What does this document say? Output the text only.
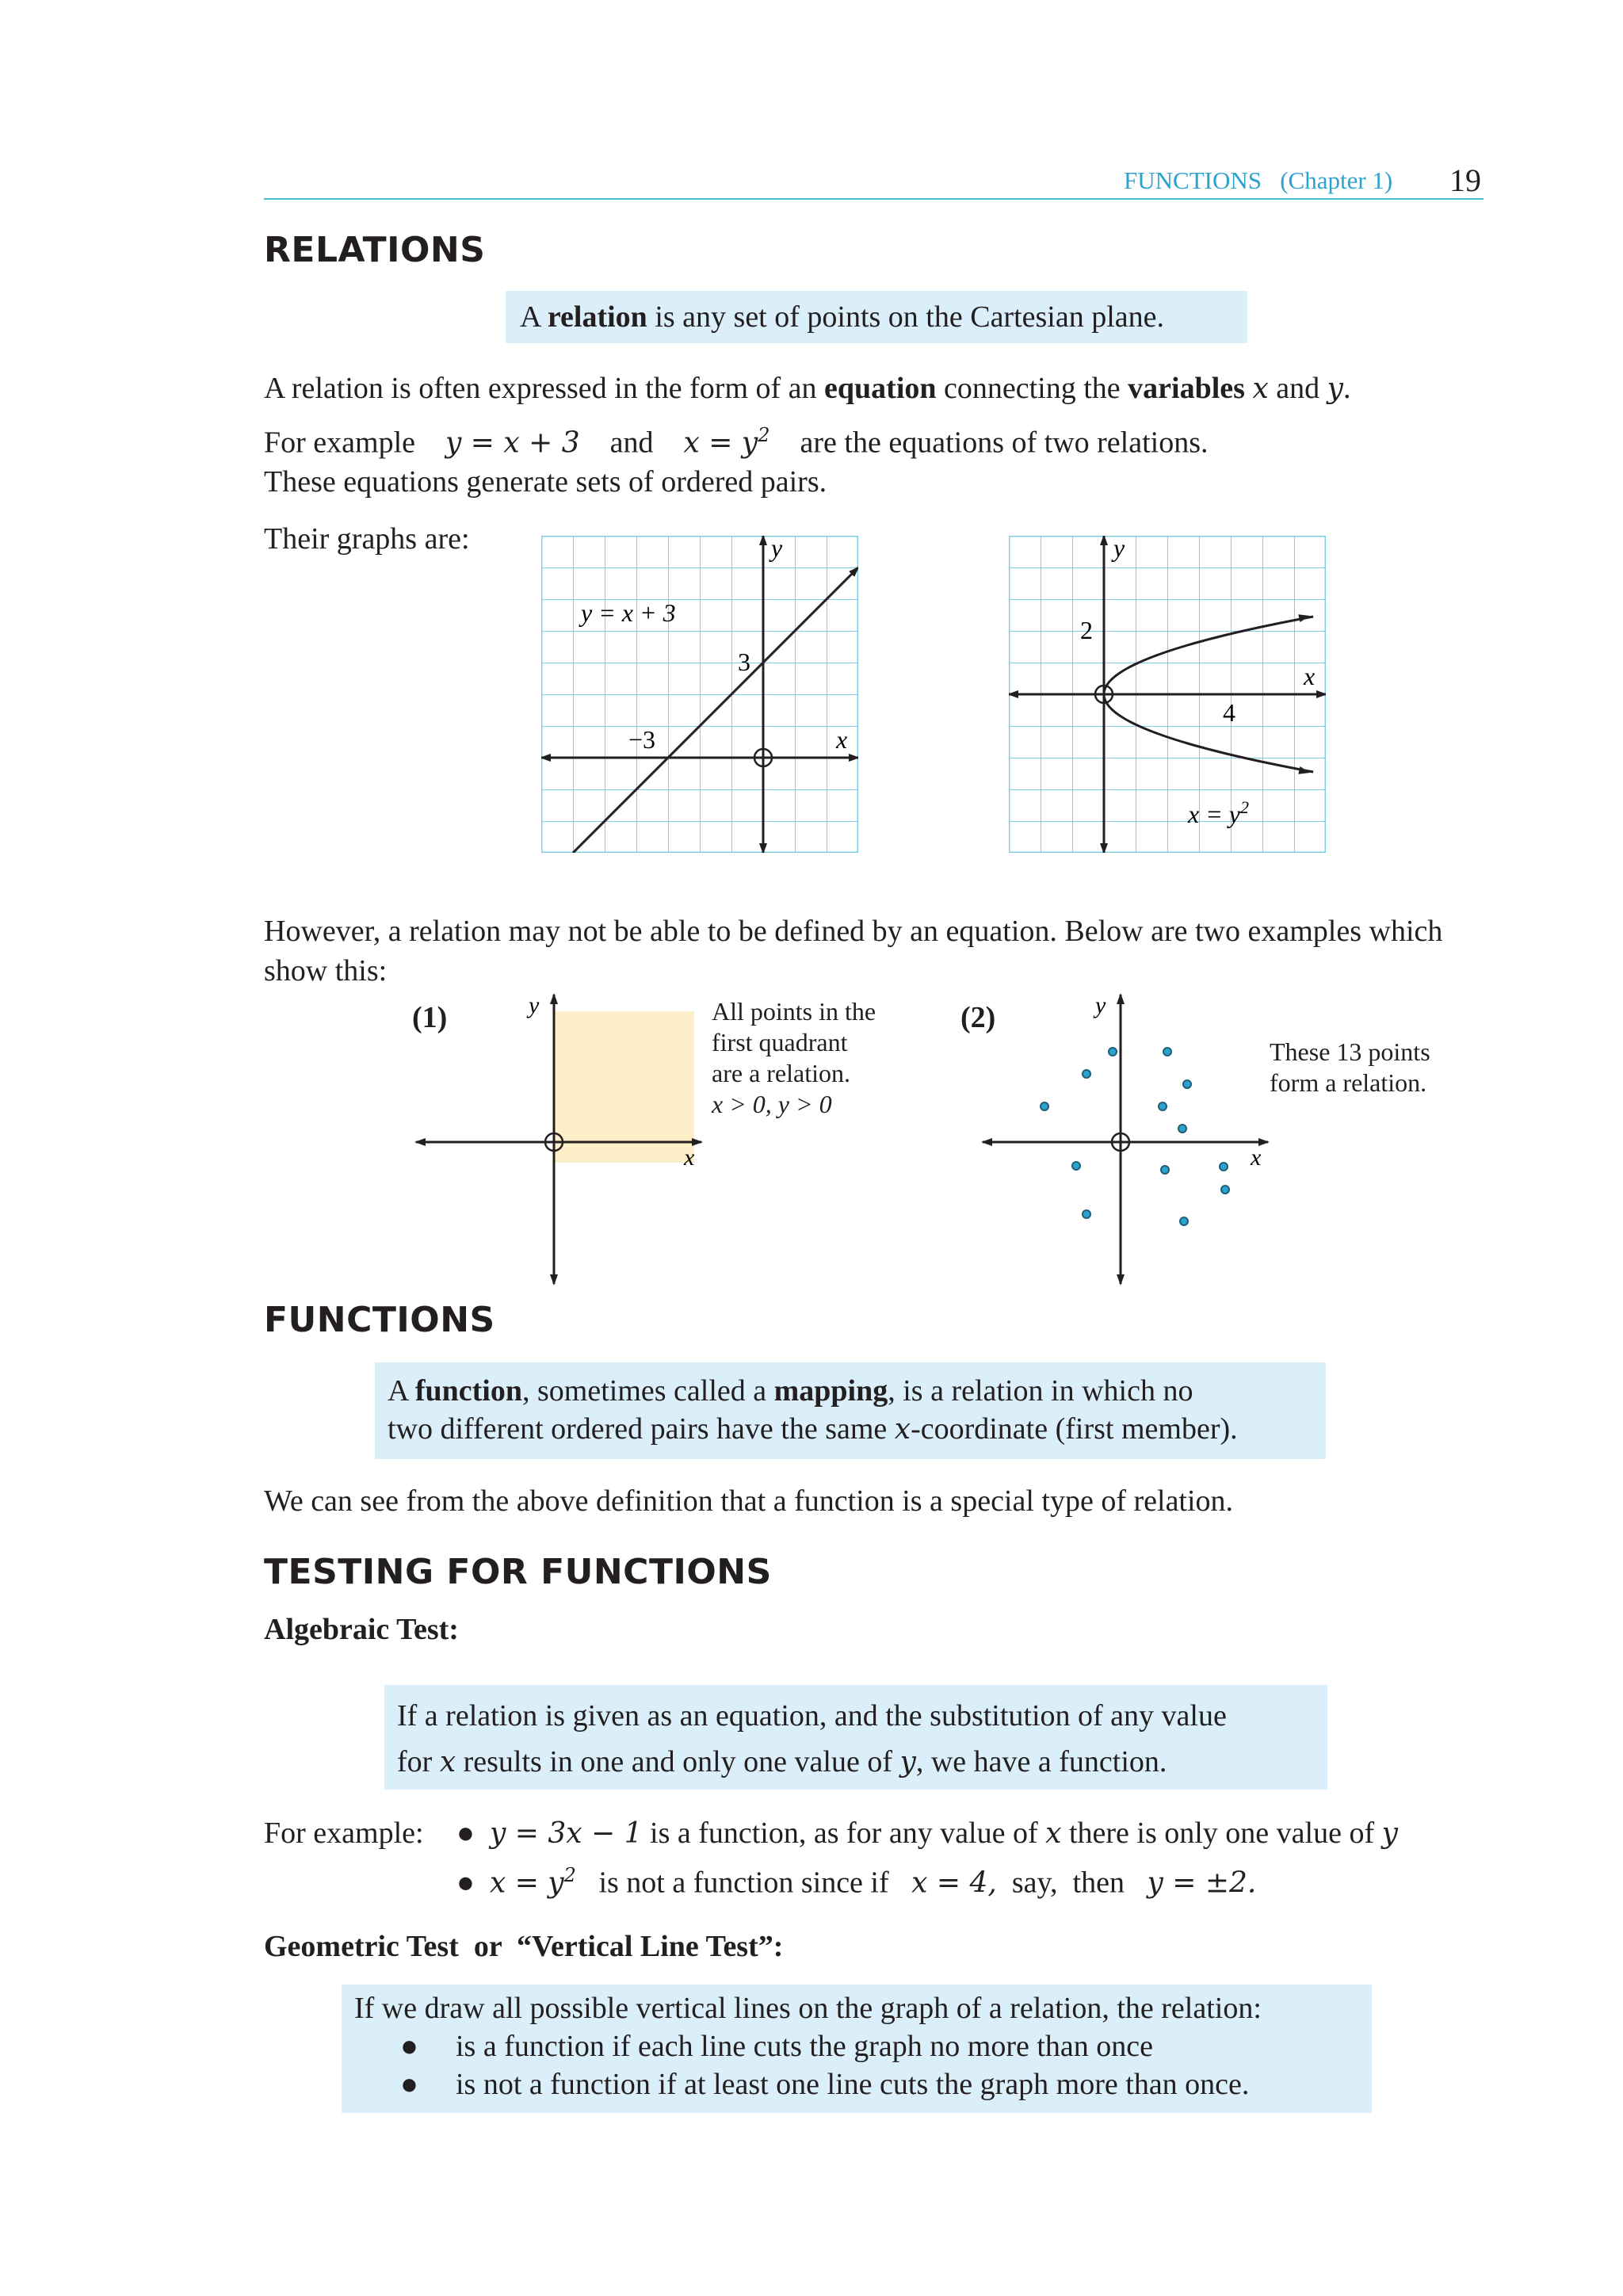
FUNCTIONS (Chapter 1) 19
RELATIONS
A relation is any set of points on the Cartesian plane.
A relation is often expressed in the form of an equation connecting the variables x and y.
For example y = x + 3 and $x = y^2$ are the equations of two relations.
These equations generate sets of ordered pairs.
Their graphs are:	y
x
y = x + 3
3
−3
y
x
2
4
$x = y^2$
However, a relation may not be able to be defined by an equation. Below are two examples which show this:
(1)	y
x
All points in the
first quadrant
are a relation.
x > 0, y > 0
(2)	y
x
These 13 points
form a relation.
FUNCTIONS
A function, sometimes called a mapping, is a relation in which no
two different ordered pairs have the same x-coordinate (first member).
We can see from the above definition that a function is a special type of relation.
TESTING FOR FUNCTIONS
Algebraic Test:
If a relation is given as an equation, and the substitution of any value
for x results in one and only one value of y, we have a function.
For example: ● y = 3x − 1 is a function, as for any value of x there is only one value of y
● $x = y^2$ is not a function since if x = 4, say, then y = ±2.
Geometric Test  or  “Vertical Line Test”:
If we draw all possible vertical lines on the graph of a relation, the relation:
● is a function if each line cuts the graph no more than once
● is not a function if at least one line cuts the graph more than once.
